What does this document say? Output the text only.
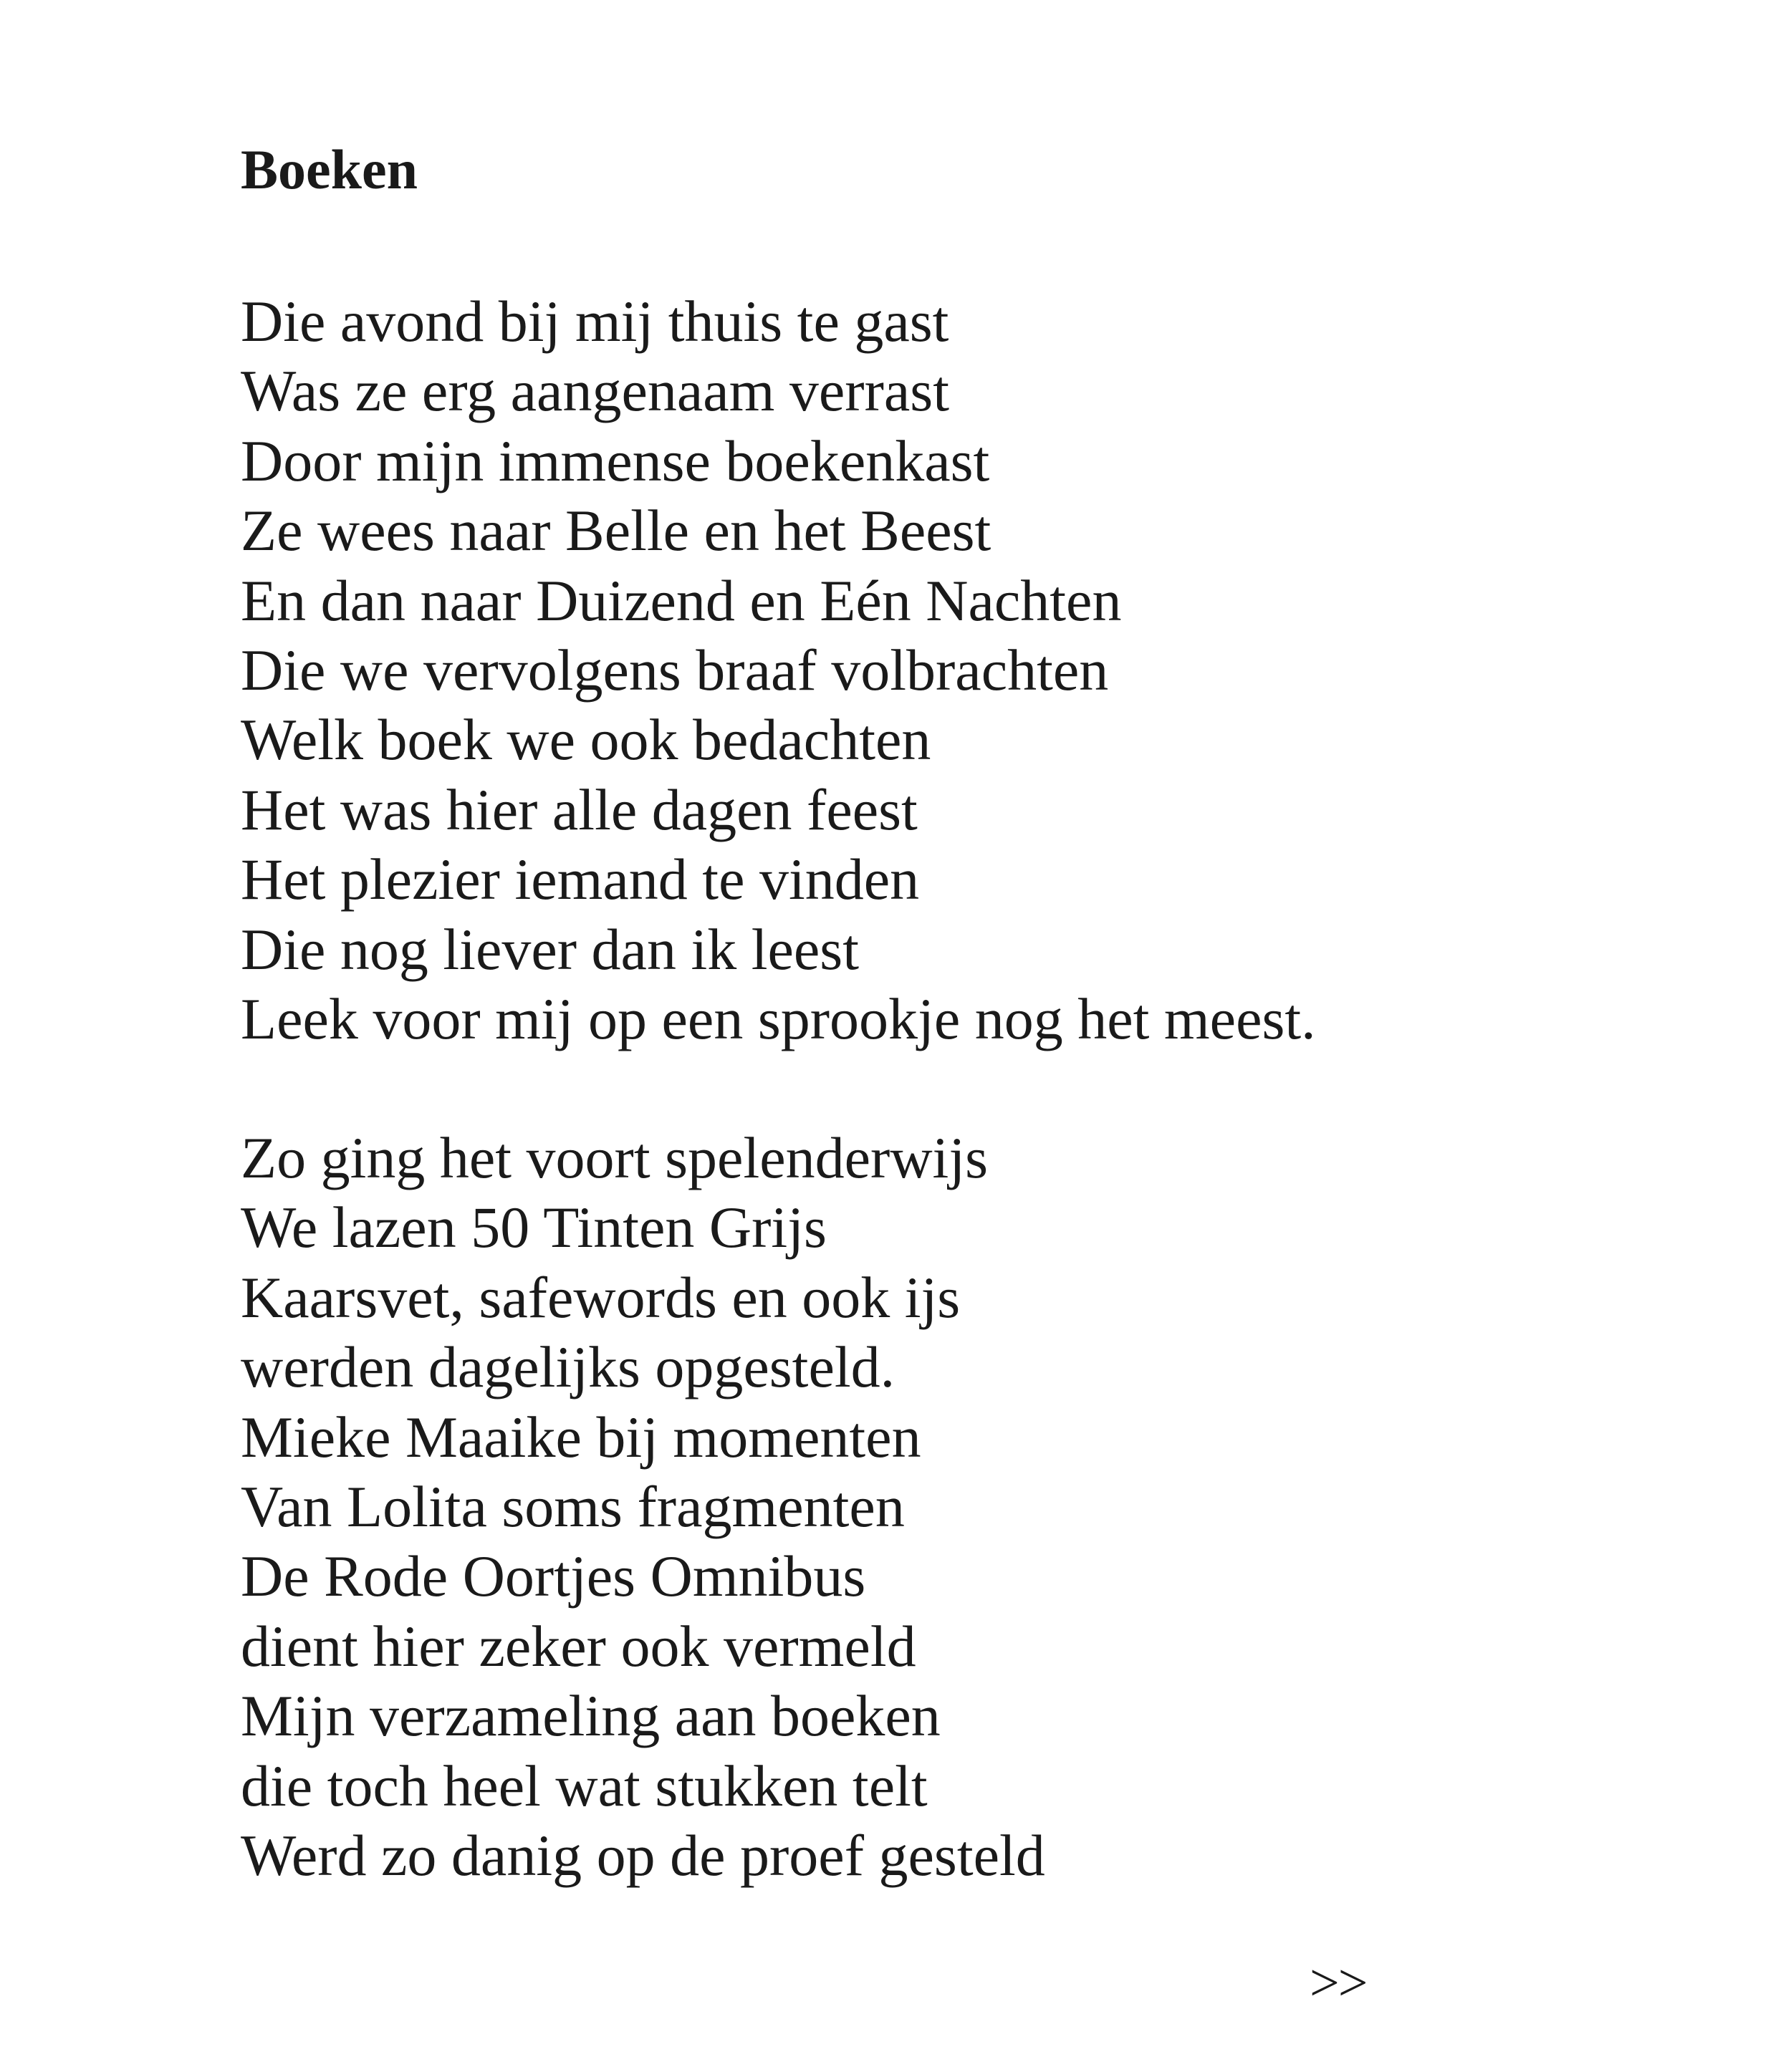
Boeken
Die avond bij mij thuis te gast
Was ze erg aangenaam verrast
Door mijn immense boekenkast
Ze wees naar Belle en het Beest
En dan naar Duizend en Eén Nachten
Die we vervolgens braaf volbrachten
Welk boek we ook bedachten
Het was hier alle dagen feest
Het plezier iemand te vinden
Die nog liever dan ik leest
Leek voor mij op een sprookje nog het meest.
Zo ging het voort spelenderwijs
We lazen 50 Tinten Grijs
Kaarsvet, safewords en ook ijs
werden dagelijks opgesteld.
Mieke Maaike bij momenten
Van Lolita soms fragmenten
De Rode Oortjes Omnibus
dient hier zeker ook vermeld
Mijn verzameling aan boeken
die toch heel wat stukken telt
Werd zo danig op de proef gesteld
>>
